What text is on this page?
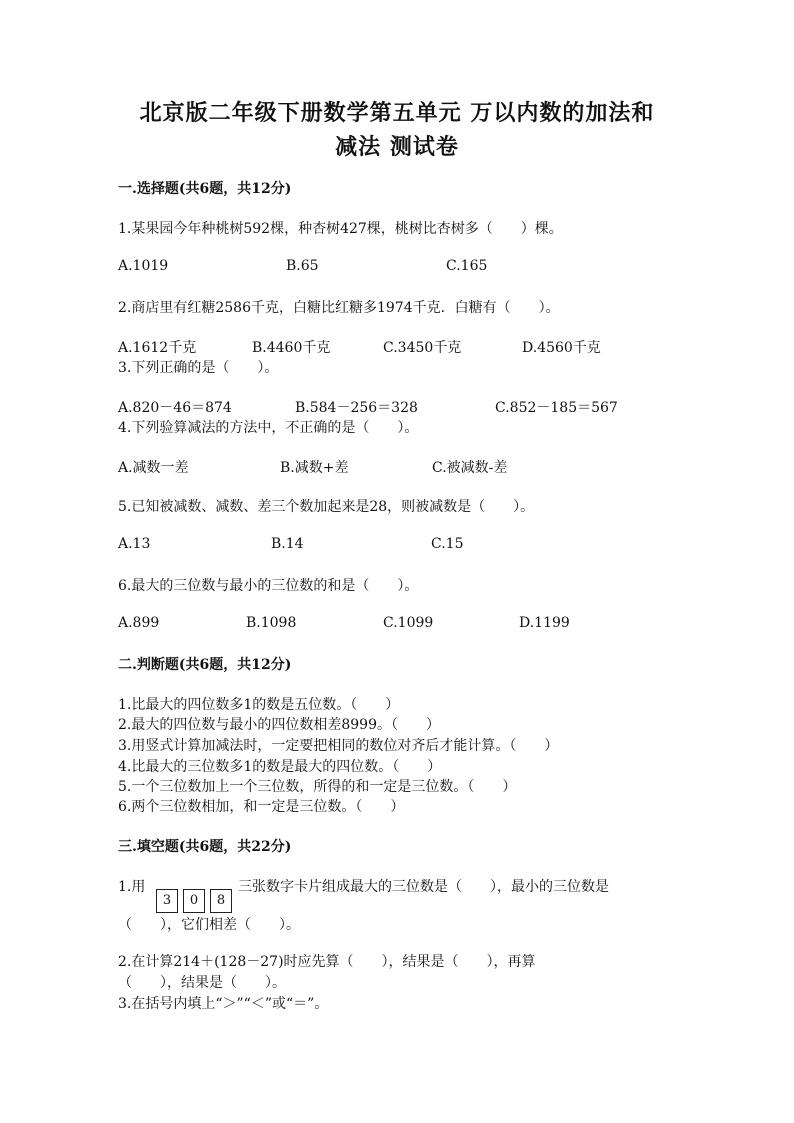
北京版二年级下册数学第五单元 万以内数的加法和
减法 测试卷
一.选择题(共6题，共12分)
1.某果园今年种桃树592棵，种杏树427棵，桃树比杏树多（　　）棵。
A.1019	B.65	C.165
2.商店里有红糖2586千克，白糖比红糖多1974千克．白糖有（　　）。
A.1612千克	B.4460千克	C.3450千克	D.4560千克
3.下列正确的是（　　）。
A.820－46＝874	B.584－256＝328	C.852－185＝567
4.下列验算减法的方法中，不正确的是（　　）。
A.减数一差	B.减数+差	C.被减数-差
5.已知被减数、减数、差三个数加起来是28，则被减数是（　　）。
A.13	B.14	C.15
6.最大的三位数与最小的三位数的和是（　　）。
A.899	B.1098	C.1099	D.1199
二.判断题(共6题，共12分)
1.比最大的四位数多1的数是五位数。（　　）
2.最大的四位数与最小的四位数相差8999。（　　）
3.用竖式计算加减法时，一定要把相同的数位对齐后才能计算。（　　）
4.比最大的三位数多1的数是最大的四位数。（　　）
5.一个三位数加上一个三位数，所得的和一定是三位数。（　　）
6.两个三位数相加，和一定是三位数。（　　）
三.填空题(共6题，共22分)
1.用
3	0	8
三张数字卡片组成最大的三位数是（　　），最小的三位数是
（　　），它们相差（　　）。
2.在计算214＋(128－27)时应先算（　　），结果是（　　），再算
（　　），结果是（　　）。
3.在括号内填上“＞”“＜”或“＝”。
